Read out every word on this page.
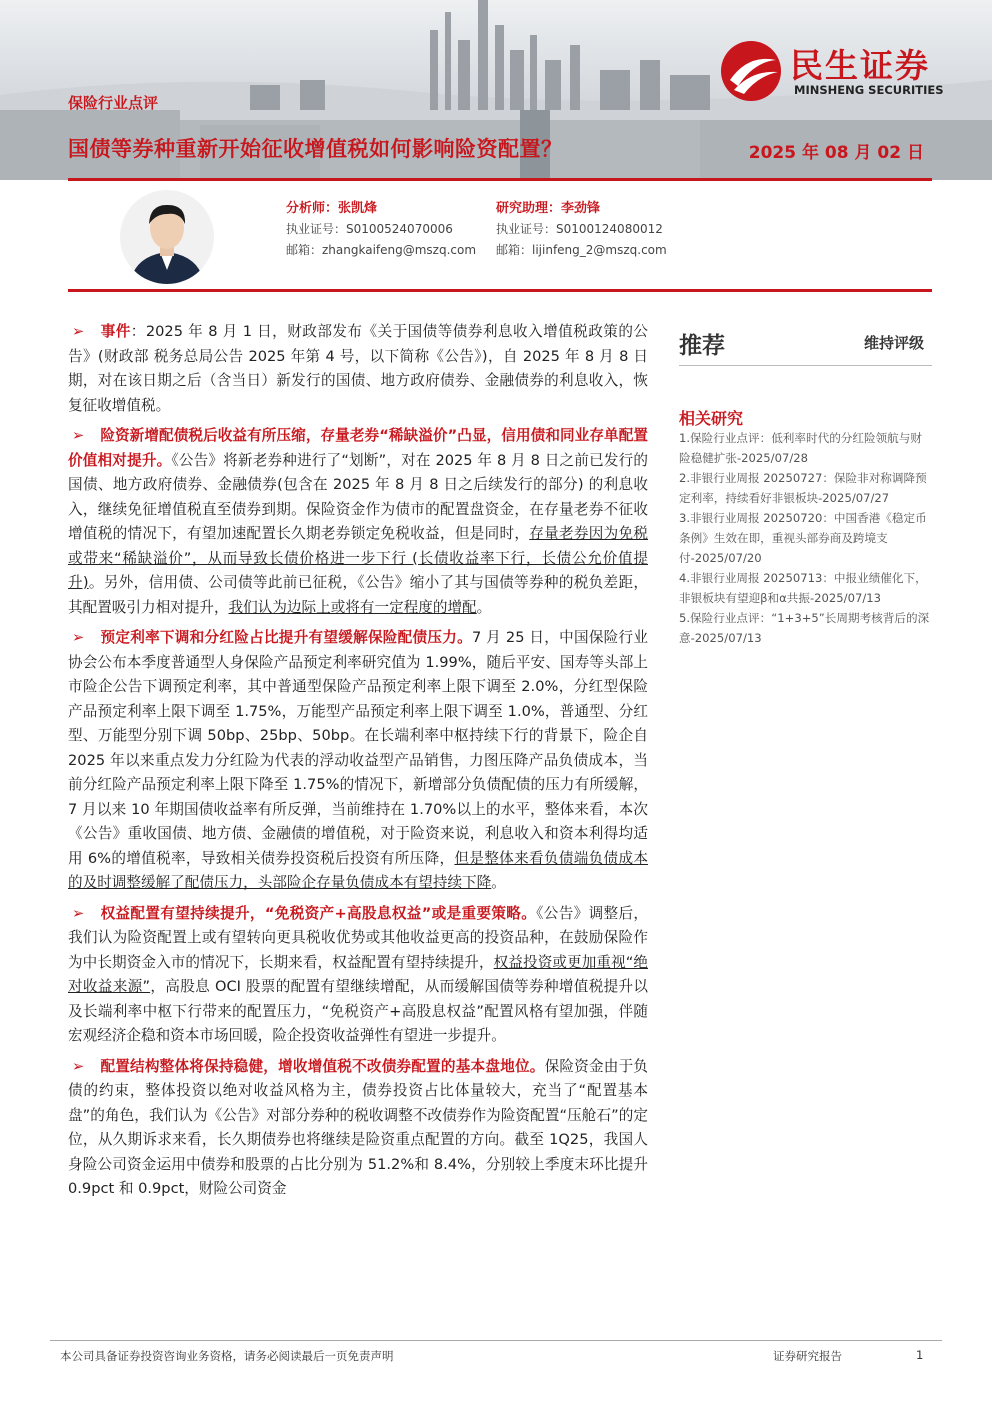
民生证券
MINSHENG SECURITIES
保险行业点评
国债等券种重新开始征收增值税如何影响险资配置？	2025 年 08 月 02 日
分析师：张凯烽
执业证号：S0100524070006
邮箱：zhangkaifeng@mszq.com
研究助理：李劲锋
执业证号：S0100124080012
邮箱：lijinfeng_2@mszq.com

➢ 事件：2025 年 8 月 1 日，财政部发布《关于国债等债券利息收入增值税政策的公告》(财政部 税务总局公告 2025 年第 4 号，以下简称《公告》)，自 2025 年 8 月 8 日期，对在该日期之后（含当日）新发行的国债、地方政府债券、金融债券的利息收入，恢复征收增值税。

➢ 险资新增配债税后收益有所压缩，存量老券“稀缺溢价”凸显，信用债和同业存单配置价值相对提升。《公告》将新老券种进行了“划断”，对在 2025 年 8 月 8 日之前已发行的国债、地方政府债券、金融债券(包含在 2025 年 8 月 8 日之后续发行的部分) 的利息收入，继续免征增值税直至债券到期。保险资金作为债市的配置盘资金，在存量老券不征收增值税的情况下，有望加速配置长久期老券锁定免税收益，但是同时，存量老券因为免税或带来“稀缺溢价”，从而导致长债价格进一步下行 (长债收益率下行，长债公允价值提升)。另外，信用债、公司债等此前已征税，《公告》缩小了其与国债等券种的税负差距，其配置吸引力相对提升，我们认为边际上或将有一定程度的增配。

➢ 预定利率下调和分红险占比提升有望缓解保险配债压力。7 月 25 日，中国保险行业协会公布本季度普通型人身保险产品预定利率研究值为 1.99%，随后平安、国寿等头部上市险企公告下调预定利率，其中普通型保险产品预定利率上限下调至 2.0%，分红型保险产品预定利率上限下调至 1.75%，万能型产品预定利率上限下调至 1.0%，普通型、分红型、万能型分别下调 50bp、25bp、50bp。在长端利率中枢持续下行的背景下，险企自 2025 年以来重点发力分红险为代表的浮动收益型产品销售，力图压降产品负债成本，当前分红险产品预定利率上限下降至 1.75%的情况下，新增部分负债配债的压力有所缓解，7 月以来 10 年期国债收益率有所反弹，当前维持在 1.70%以上的水平，整体来看，本次《公告》重收国债、地方债、金融债的增值税，对于险资来说，利息收入和资本利得均适用 6%的增值税率，导致相关债券投资税后投资有所压降，但是整体来看负债端负债成本的及时调整缓解了配债压力，头部险企存量负债成本有望持续下降。

➢ 权益配置有望持续提升，“免税资产+高股息权益”或是重要策略。《公告》调整后，我们认为险资配置上或有望转向更具税收优势或其他收益更高的投资品种，在鼓励保险作为中长期资金入市的情况下，长期来看，权益配置有望持续提升，权益投资或更加重视“绝对收益来源”，高股息 OCI 股票的配置有望继续增配，从而缓解国债等券种增值税提升以及长端利率中枢下行带来的配置压力，“免税资产+高股息权益”配置风格有望加强，伴随宏观经济企稳和资本市场回暖，险企投资收益弹性有望进一步提升。

➢ 配置结构整体将保持稳健，增收增值税不改债券配置的基本盘地位。保险资金由于负债的约束，整体投资以绝对收益风格为主，债券投资占比体量较大，充当了“配置基本盘”的角色，我们认为《公告》对部分券种的税收调整不改债券作为险资配置“压舱石”的定位，从久期诉求来看，长久期债券也将继续是险资重点配置的方向。截至 1Q25，我国人身险公司资金运用中债券和股票的占比分别为 51.2%和 8.4%，分别较上季度末环比提升 0.9pct 和 0.9pct，财险公司资金

推荐	维持评级
相关研究
1.保险行业点评：低利率时代的分红险领航与财险稳健扩张-2025/07/28
2.非银行业周报 20250727：保险非对称调降预定利率，持续看好非银板块-2025/07/27
3.非银行业周报 20250720：中国香港《稳定币条例》生效在即，重视头部券商及跨境支付-2025/07/20
4.非银行业周报 20250713：中报业绩催化下，非银板块有望迎β和α共振-2025/07/13
5.保险行业点评：“1+3+5”长周期考核背后的深意-2025/07/13
本公司具备证券投资咨询业务资格，请务必阅读最后一页免责声明	证券研究报告	1
